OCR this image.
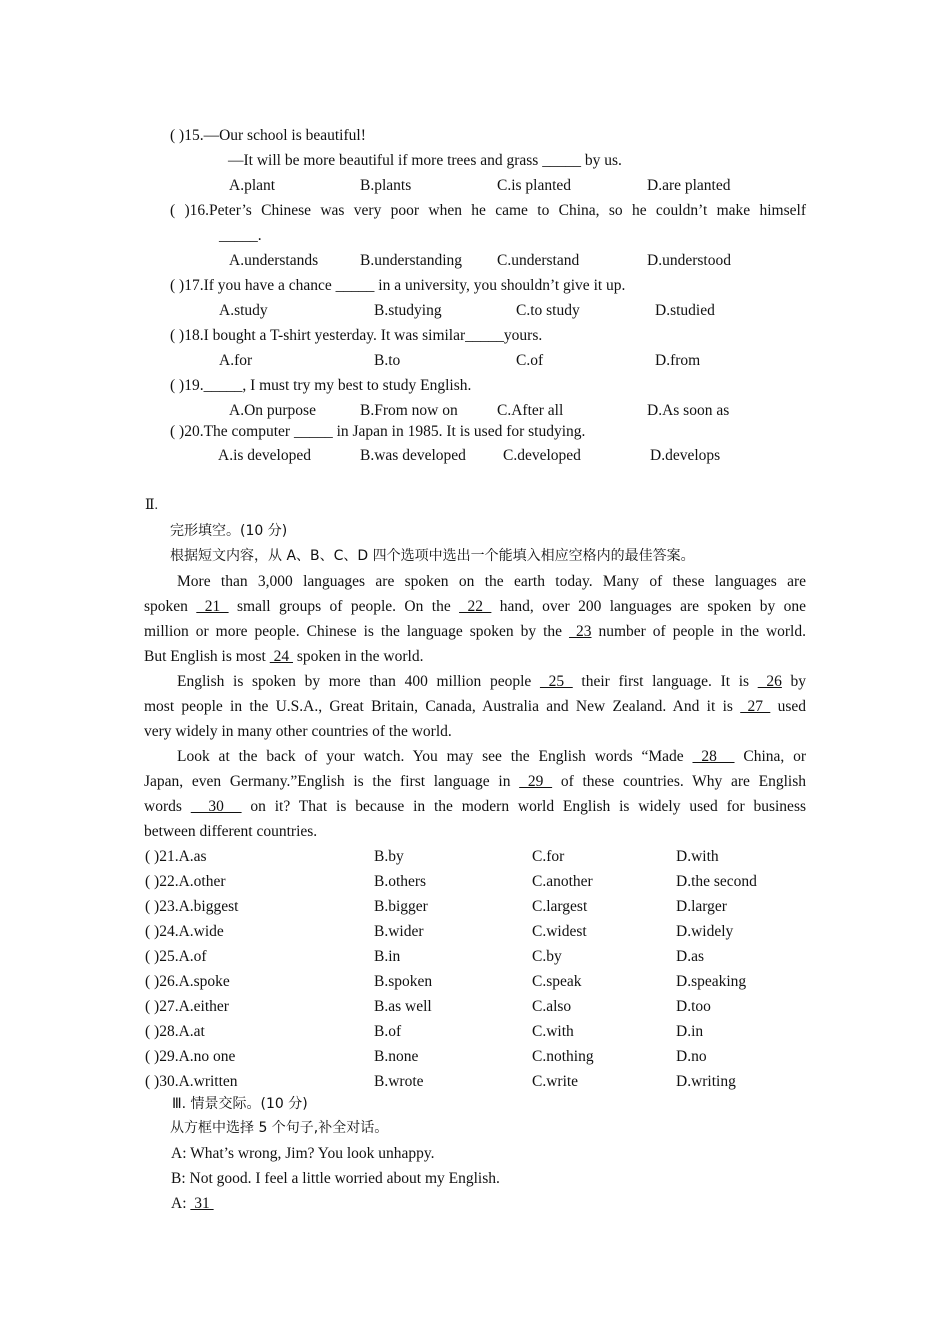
( )15.—Our school is beautiful!
—It will be more beautiful if more trees and grass _____ by us.
A.plant	B.plants	C.is planted	D.are planted
( )16.Peter’s Chinese was very poor when he came to China, so he couldn’t make himself
_____.
A.understands	B.understanding C.understand	D.understood
( )17.If you have a chance _____ in a university, you shouldn’t give it up.
A.study	B.studying	C.to study	D.studied
( )18.I bought a T-shirt yesterday. It was similar_____yours.
A.for	B.to	C.of	D.from
( )19._____, I must try my best to study English.
A.On purpose	B.From now on	C.After all	D.As soon as
( )20.The computer _____ in Japan in 1985. It is used for studying.
A.is developed	B.was developed C.developed	D.develops
Ⅱ.
完形填空。(10 分)
根据短文内容，从 A、B、C、D 四个选项中选出一个能填入相应空格内的最佳答案。
More than 3,000 languages are spoken on the earth today. Many of these languages are
spoken  21  small groups of people. On the  22  hand, over 200 languages are spoken by one
million or more people. Chinese is the language spoken by the  23 number of people in the world.
But English is most  24  spoken in the world.
English is spoken by more than 400 million people  25  their first language. It is  26 by
most people in the U.S.A., Great Britain, Canada, Australia and New Zealand. And it is  27  used
very widely in many other countries of the world.
Look at the back of your watch. You may see the English words “Made  28   China, or
Japan, even Germany.”English is the first language in  29  of these countries. Why are English
words   30   on it? That is because in the modern world English is widely used for business
between different countries.
( )21.A.as	B.by	C.for	D.with
( )22.A.other	B.others	C.another	D.the second
( )23.A.biggest	B.bigger	C.largest	D.larger
( )24.A.wide	B.wider	C.widest	D.widely
( )25.A.of	B.in	C.by	D.as
( )26.A.spoke	B.spoken	C.speak	D.speaking
( )27.A.either	B.as well	C.also	D.too
( )28.A.at	B.of	C.with	D.in
( )29.A.no one	B.none	C.nothing	D.no
( )30.A.written	B.wrote	C.write	D.writing
Ⅲ. 情景交际。(10 分)
从方框中选择 5 个句子,补全对话。
A: What’s wrong, Jim? You look unhappy.
B: Not good. I feel a little worried about my English.
A:  31
